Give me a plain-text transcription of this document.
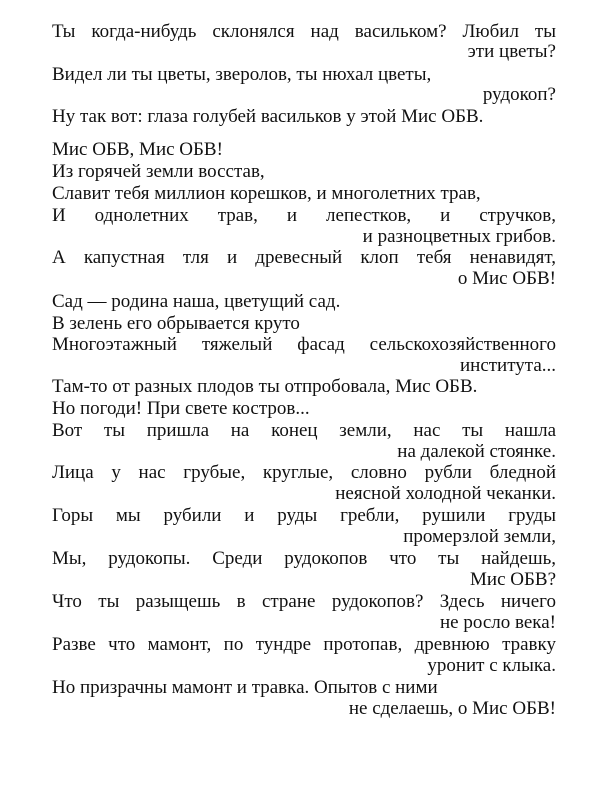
Ты когда-нибудь склонялся над васильком? Любил ты
эти цветы?
Видел ли ты цветы, зверолов, ты нюхал цветы,
рудокоп?
Ну так вот: глаза голубей васильков у этой Мис ОБВ.
Мис ОБВ, Мис ОБВ!
Из горячей земли восстав,
Славит тебя миллион корешков, и многолетних трав,
И однолетних трав, и лепестков, и стручков,
и разноцветных грибов.
А капустная тля и древесный клоп тебя ненавидят,
о Мис ОБВ!
Сад — родина наша, цветущий сад.
В зелень его обрывается круто
Многоэтажный тяжелый фасад сельскохозяйственного
института...
Там-то от разных плодов ты отпробовала, Мис ОБВ.
Но погоди! При свете костров...
Вот ты пришла на конец земли, нас ты нашла
на далекой стоянке.
Лица у нас грубые, круглые, словно рубли бледной
неясной холодной чеканки.
Горы мы рубили и руды гребли, рушили груды
промерзлой земли,
Мы, рудокопы. Среди рудокопов что ты найдешь,
Мис ОБВ?
Что ты разыщешь в стране рудокопов? Здесь ничего
не росло века!
Разве что мамонт, по тундре протопав, древнюю травку
уронит с клыка.
Но призрачны мамонт и травка. Опытов с ними
не сделаешь, о Мис ОБВ!
